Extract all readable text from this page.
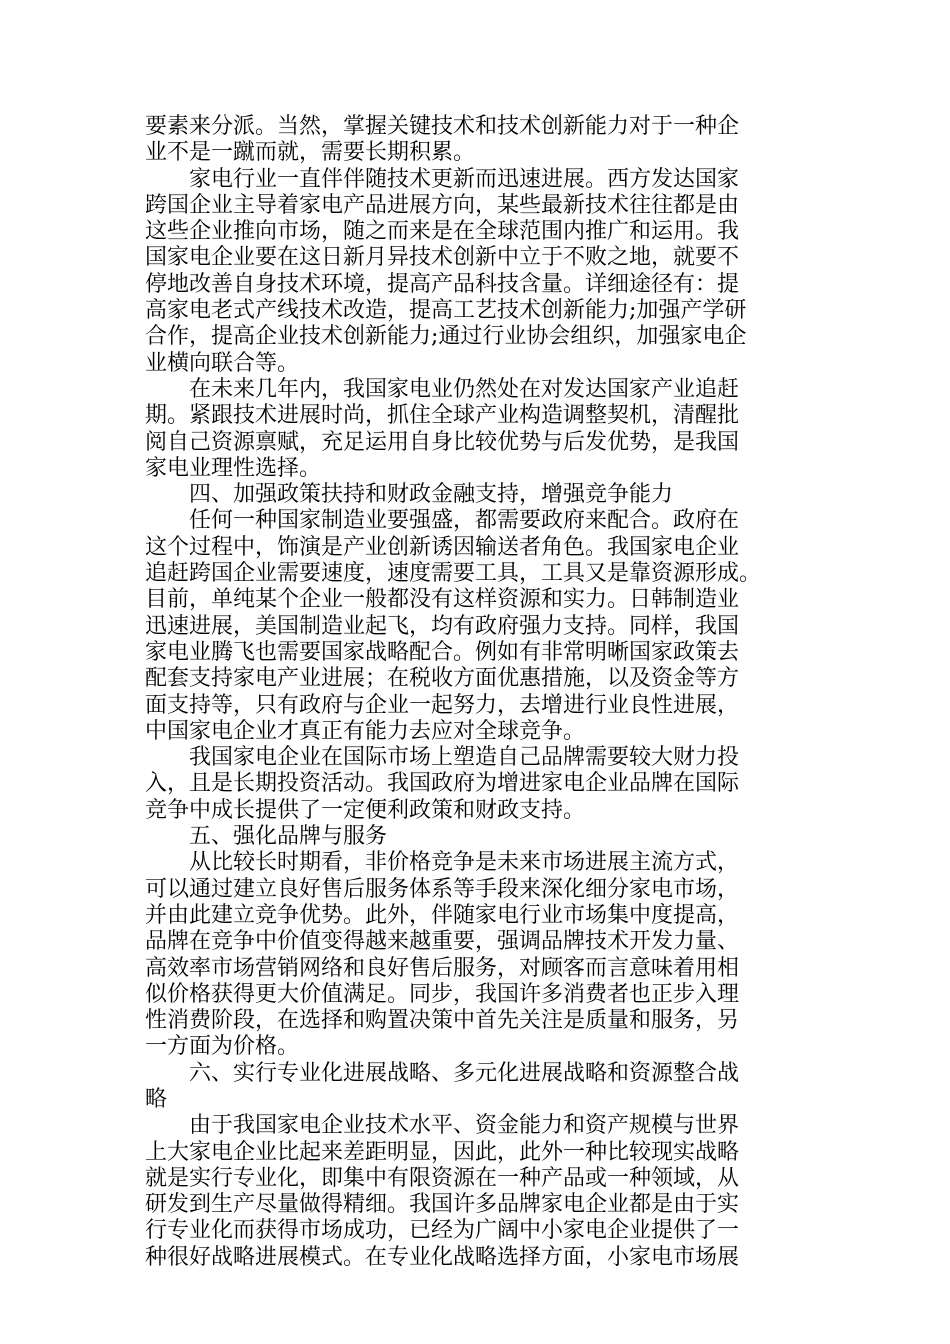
要素来分派。当然，掌握关键技术和技术创新能力对于一种企
业不是一蹴而就，需要长期积累。
家电行业一直伴伴随技术更新而迅速进展。西方发达国家
跨国企业主导着家电产品进展方向，某些最新技术往往都是由
这些企业推向市场，随之而来是在全球范围内推广和运用。我
国家电企业要在这日新月异技术创新中立于不败之地，就要不
停地改善自身技术环境，提高产品科技含量。详细途径有：提
高家电老式产线技术改造，提高工艺技术创新能力;加强产学研
合作，提高企业技术创新能力;通过行业协会组织，加强家电企
业横向联合等。
在未来几年内，我国家电业仍然处在对发达国家产业追赶
期。紧跟技术进展时尚，抓住全球产业构造调整契机，清醒批
阅自己资源禀赋，充足运用自身比较优势与后发优势，是我国
家电业理性选择。
四、加强政策扶持和财政金融支持，增强竞争能力
任何一种国家制造业要强盛，都需要政府来配合。政府在
这个过程中，饰演是产业创新诱因输送者角色。我国家电企业
追赶跨国企业需要速度，速度需要工具，工具又是靠资源形成。
目前，单纯某个企业一般都没有这样资源和实力。日韩制造业
迅速进展，美国制造业起飞，均有政府强力支持。同样，我国
家电业腾飞也需要国家战略配合。例如有非常明晰国家政策去
配套支持家电产业进展；在税收方面优惠措施，以及资金等方
面支持等，只有政府与企业一起努力，去增进行业良性进展，
中国家电企业才真正有能力去应对全球竞争。
我国家电企业在国际市场上塑造自己品牌需要较大财力投
入，且是长期投资活动。我国政府为增进家电企业品牌在国际
竞争中成长提供了一定便利政策和财政支持。
五、强化品牌与服务
从比较长时期看，非价格竞争是未来市场进展主流方式，
可以通过建立良好售后服务体系等手段来深化细分家电市场，
并由此建立竞争优势。此外，伴随家电行业市场集中度提高，
品牌在竞争中价值变得越来越重要，强调品牌技术开发力量、
高效率市场营销网络和良好售后服务，对顾客而言意味着用相
似价格获得更大价值满足。同步，我国许多消费者也正步入理
性消费阶段，在选择和购置决策中首先关注是质量和服务，另
一方面为价格。
六、实行专业化进展战略、多元化进展战略和资源整合战
略
由于我国家电企业技术水平、资金能力和资产规模与世界
上大家电企业比起来差距明显，因此，此外一种比较现实战略
就是实行专业化，即集中有限资源在一种产品或一种领域，从
研发到生产尽量做得精细。我国许多品牌家电企业都是由于实
行专业化而获得市场成功，已经为广阔中小家电企业提供了一
种很好战略进展模式。在专业化战略选择方面，小家电市场展
